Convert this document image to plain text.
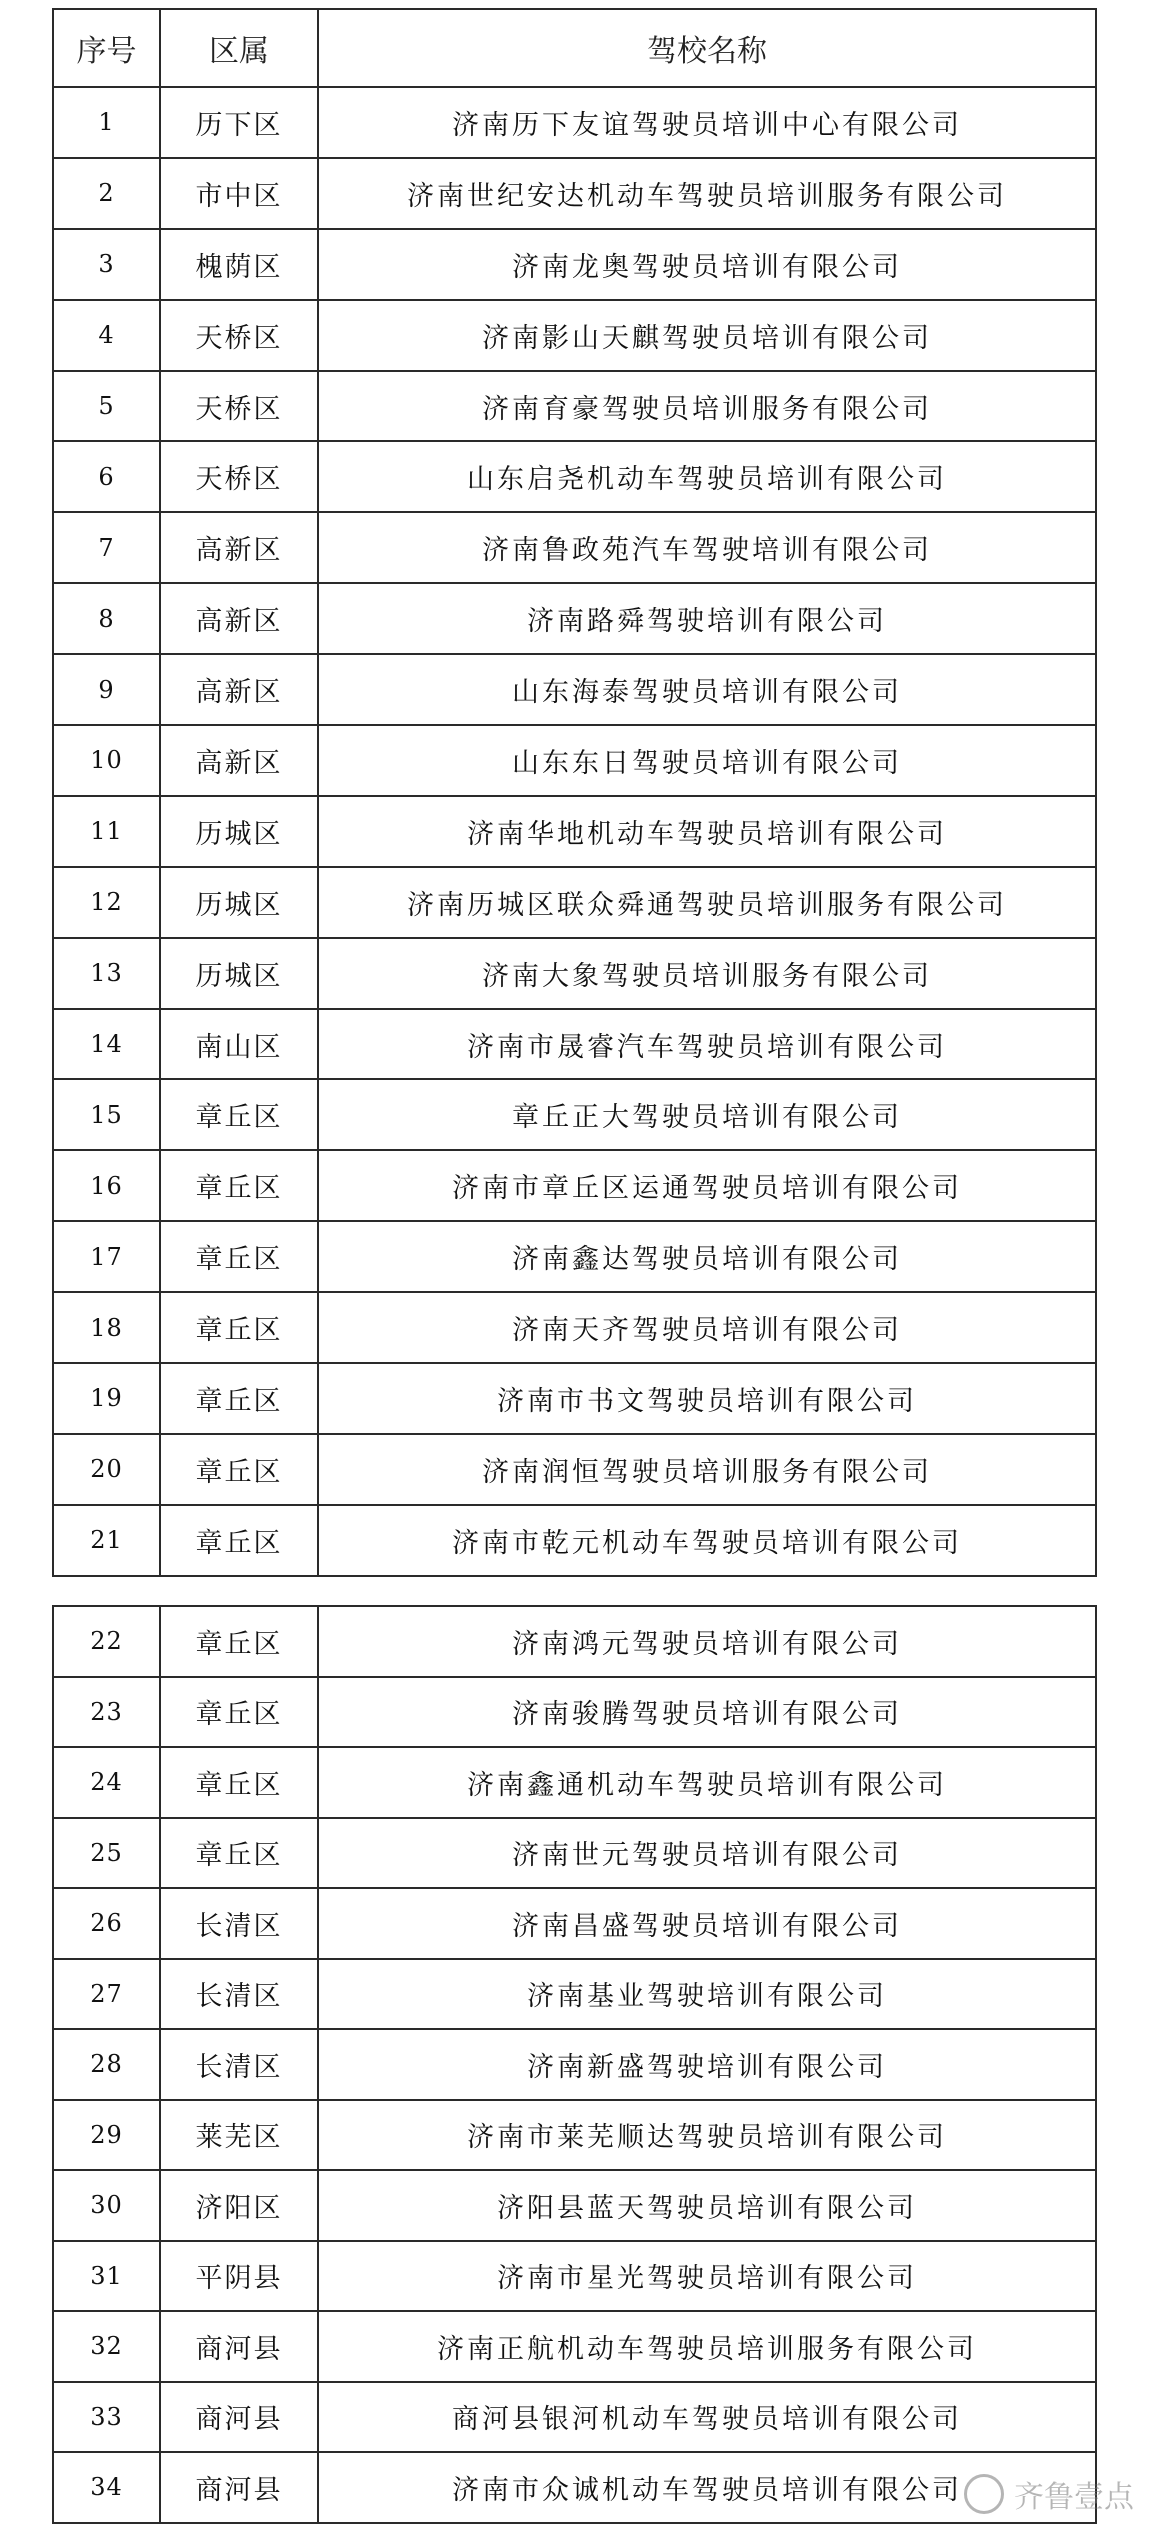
序号	区属	驾校名称
1	历下区	济南历下友谊驾驶员培训中心有限公司
2	市中区	济南世纪安达机动车驾驶员培训服务有限公司
3	槐荫区	济南龙奥驾驶员培训有限公司
4	天桥区	济南影山天麒驾驶员培训有限公司
5	天桥区	济南育豪驾驶员培训服务有限公司
6	天桥区	山东启尧机动车驾驶员培训有限公司
7	高新区	济南鲁政苑汽车驾驶培训有限公司
8	高新区	济南路舜驾驶培训有限公司
9	高新区	山东海泰驾驶员培训有限公司
10	高新区	山东东日驾驶员培训有限公司
11	历城区	济南华地机动车驾驶员培训有限公司
12	历城区	济南历城区联众舜通驾驶员培训服务有限公司
13	历城区	济南大象驾驶员培训服务有限公司
14	南山区	济南市晟睿汽车驾驶员培训有限公司
15	章丘区	章丘正大驾驶员培训有限公司
16	章丘区	济南市章丘区运通驾驶员培训有限公司
17	章丘区	济南鑫达驾驶员培训有限公司
18	章丘区	济南天齐驾驶员培训有限公司
19	章丘区	济南市书文驾驶员培训有限公司
20	章丘区	济南润恒驾驶员培训服务有限公司
21	章丘区	济南市乾元机动车驾驶员培训有限公司
22	章丘区	济南鸿元驾驶员培训有限公司
23	章丘区	济南骏腾驾驶员培训有限公司
24	章丘区	济南鑫通机动车驾驶员培训有限公司
25	章丘区	济南世元驾驶员培训有限公司
26	长清区	济南昌盛驾驶员培训有限公司
27	长清区	济南基业驾驶培训有限公司
28	长清区	济南新盛驾驶培训有限公司
29	莱芜区	济南市莱芜顺达驾驶员培训有限公司
30	济阳区	济阳县蓝天驾驶员培训有限公司
31	平阴县	济南市星光驾驶员培训有限公司
32	商河县	济南正航机动车驾驶员培训服务有限公司
33	商河县	商河县银河机动车驾驶员培训有限公司
34	商河县	济南市众诚机动车驾驶员培训有限公司 齐鲁壹点
